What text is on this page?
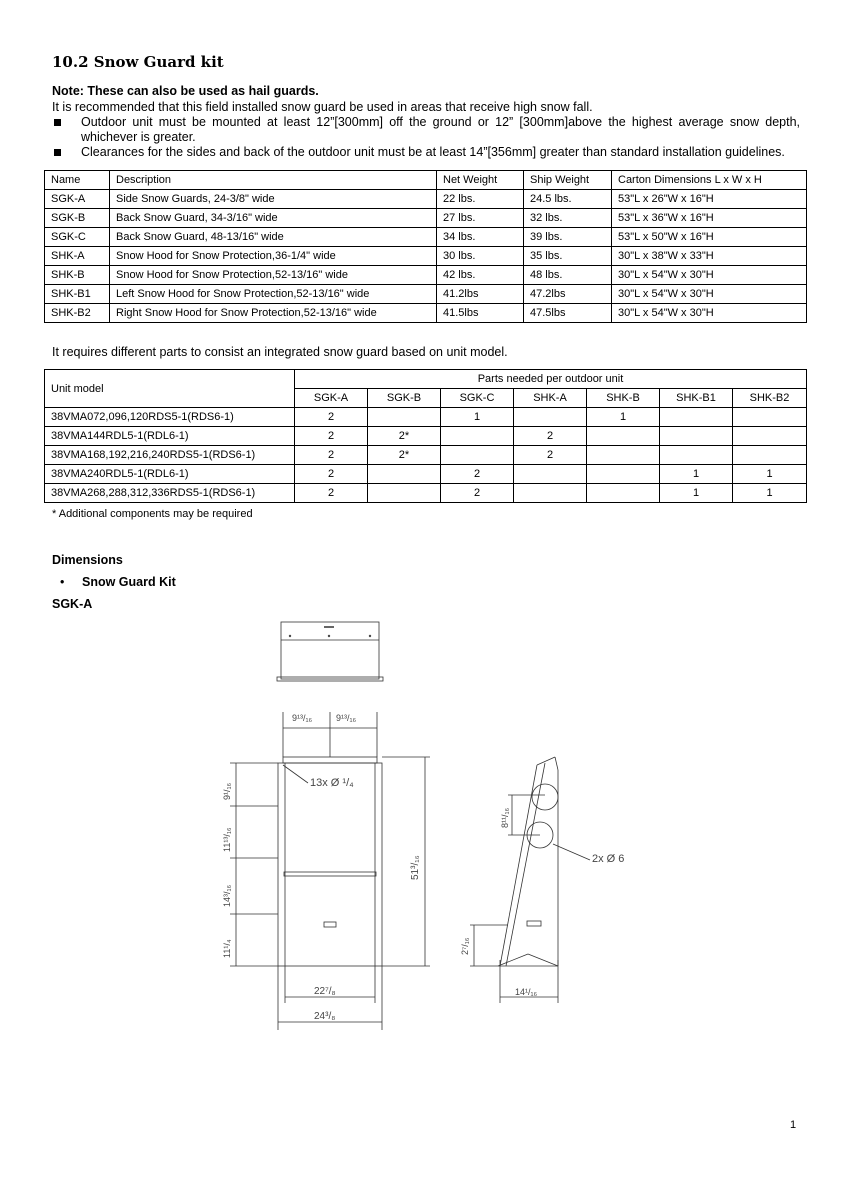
10.2 Snow Guard kit
Note: These can also be used as hail guards.
It is recommended that this field installed snow guard be used in areas that receive high snow fall.
Outdoor unit must be mounted at least 12”[300mm] off the ground or 12” [300mm]above the highest average snow depth, whichever is greater.
Clearances for the sides and back of the outdoor unit must be at least 14”[356mm] greater than standard installation guidelines.
Name	Description	Net Weight	Ship Weight	Carton Dimensions L x W x H
SGK-A	Side Snow Guards, 24-3/8" wide	22 lbs.	24.5 lbs.	53"L x 26"W x 16"H
SGK-B	Back Snow Guard, 34-3/16" wide	27 lbs.	32 lbs.	53"L x 36"W x 16"H
SGK-C	Back Snow Guard, 48-13/16" wide	34 lbs.	39 lbs.	53"L x 50"W x 16"H
SHK-A	Snow Hood for Snow Protection,36-1/4" wide	30 lbs.	35 lbs.	30"L x 38"W x 33"H
SHK-B	Snow Hood for Snow Protection,52-13/16" wide	42 lbs.	48 lbs.	30"L x 54"W x 30"H
SHK-B1	Left Snow Hood for Snow Protection,52-13/16" wide	41.2lbs	47.2lbs	30"L x 54"W x 30"H
SHK-B2	Right Snow Hood for Snow Protection,52-13/16" wide	41.5lbs	47.5lbs	30"L x 54"W x 30"H
It requires different parts to consist an integrated snow guard based on unit model.
Unit model	Parts needed per outdoor unit						
	SGK-A	SGK-B	SGK-C	SHK-A	SHK-B	SHK-B1	SHK-B2
38VMA072,096,120RDS5-1(RDS6-1)	2		1		1		
38VMA144RDL5-1(RDL6-1)	2	2*		2			
38VMA168,192,216,240RDS5-1(RDS6-1)	2	2*		2			
38VMA240RDL5-1(RDL6-1)	2		2			1	1
38VMA268,288,312,336RDS5-1(RDS6-1)	2		2			1	1
* Additional components may be required
Dimensions
• Snow Guard Kit
SGK-A
9¹³/₁₆	9¹³/₁₆
13x Ø ¹/₄
9¹/₁₆
11¹³/₁₆
14³/₁₆
11¹/₄
51³/₁₆
22⁷/₈
24³/₈
8¹¹/₁₆
2x Ø 6
2⁷/₁₆
14¹/₁₆
1
